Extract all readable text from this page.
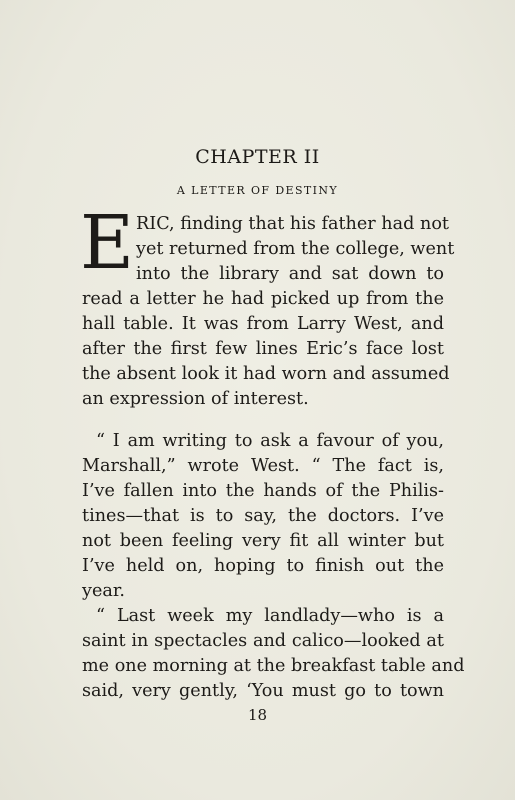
CHAPTER II
A LETTER OF DESTINY
E RIC, finding that his father had not
yet returned from the college, went
into the library and sat down to
read a letter he had picked up from the
hall table. It was from Larry West, and
after the first few lines Eric’s face lost
the absent look it had worn and assumed
an expression of interest.
“ I am writing to ask a favour of you,
Marshall,” wrote West. “ The fact is,
I’ve fallen into the hands of the Philis-
tines—that is to say, the doctors. I’ve
not been feeling very fit all winter but
I’ve held on, hoping to finish out the
year.
“ Last week my landlady—who is a
saint in spectacles and calico—looked at
me one morning at the breakfast table and
said, very gently, ‘You must go to town
18
